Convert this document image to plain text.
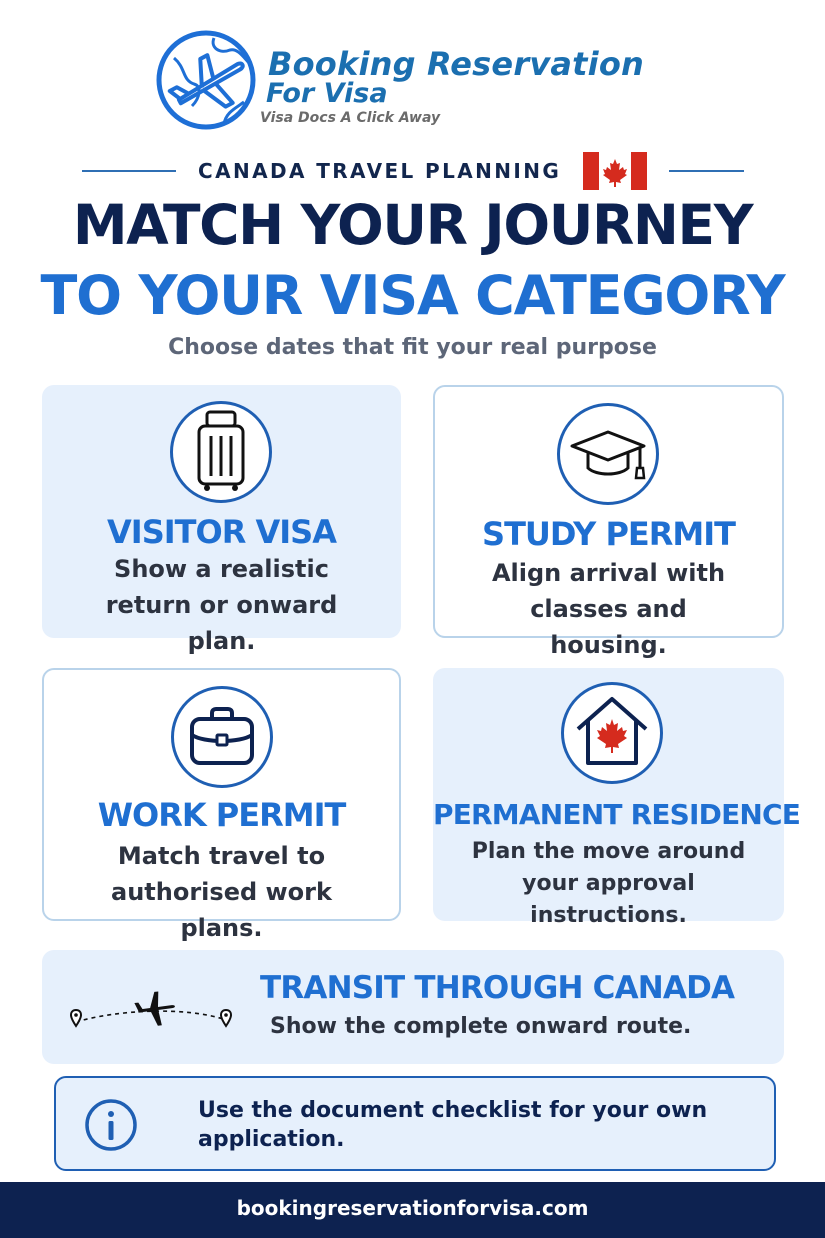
Booking Reservation
For Visa
Visa Docs A Click Away
CANADA TRAVEL PLANNING
MATCH YOUR JOURNEY
TO YOUR VISA CATEGORY
Choose dates that fit your real purpose
VISITOR VISA
Show a realistic return or onward plan.
STUDY PERMIT
Align arrival with classes and housing.
WORK PERMIT
Match travel to authorised work plans.
PERMANENT RESIDENCE
Plan the move around your approval instructions.
TRANSIT THROUGH CANADA
Show the complete onward route.
Use the document checklist for your own application.
bookingreservationforvisa.com
